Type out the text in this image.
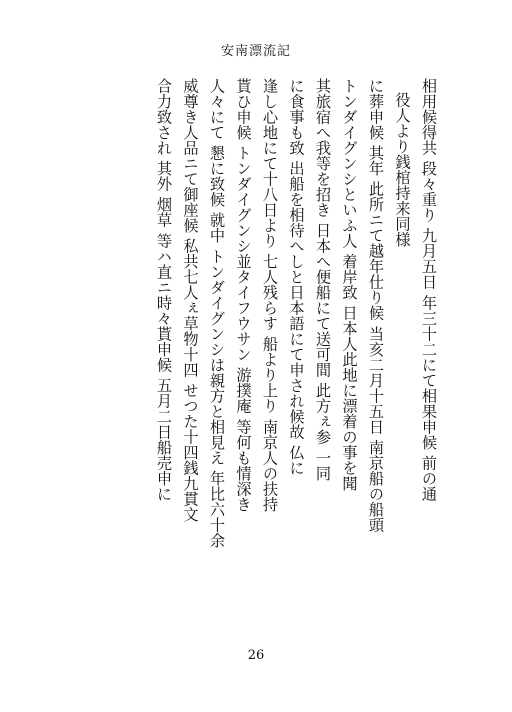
安南漂流記
相用候得共 段々重り 九月五日 年三十二にて相果申候 前の通
役人より銭棺持来同様
に葬申候 其年 此所ニて越年仕り候 当亥二月十五日 南京船の船頭
トンダイグンシといふ人 着岸致 日本人此地に漂着の事を聞
其旅宿へ我等を招き 日本へ便船にて送可間 此方ぇ参 一同
に食事も致 出船を相待へしと日本語にて申され候故 仏に
逢し心地にて十八日より 七人残らす 船より上り 南京人の扶持
貰ひ申候 トンダイグンシ並タイフウサン 游撲庵 等何も情深き
人々にて 懇に致候 就中 トンダイグンシは親方と相見え 年比六十余
威尊き人品ニて御座候 私共七人ぇ草物十四 せつた十四銭九貫文
合力致され 其外 烟草 等ハ直ニ時々貰申候 五月二日船売申に
26
